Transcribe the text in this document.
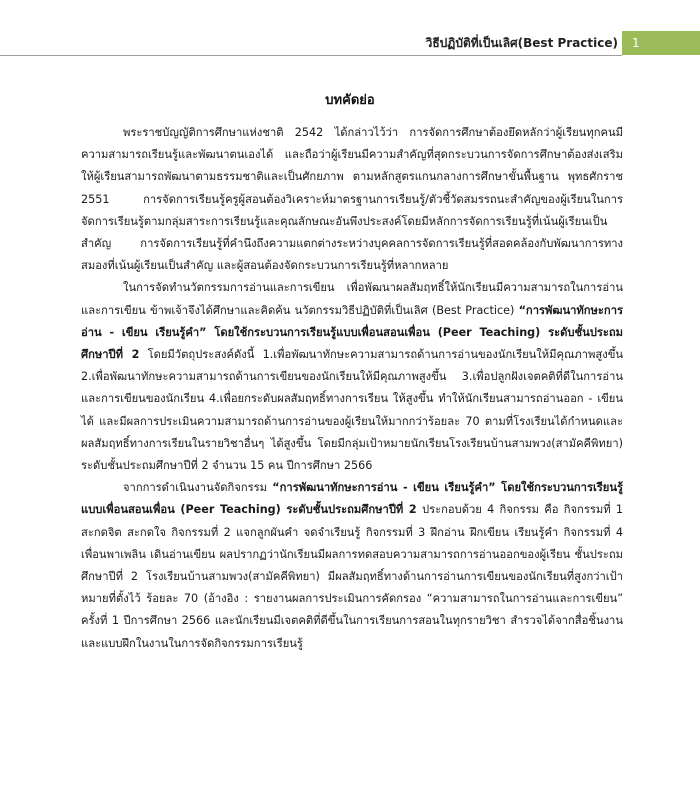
วิธีปฏิบัติที่เป็นเลิศ(Best Practice)	1
บทคัดย่อ

พระราชบัญญัติการศึกษาแห่งชาติ 2542 ได้กล่าวไว้ว่า การจัดการศึกษาต้องยึดหลักว่าผู้เรียนทุกคนมีความสามารถเรียนรู้และพัฒนาตนเองได้ และถือว่าผู้เรียนมีความสำคัญที่สุดกระบวนการจัดการศึกษาต้องส่งเสริมให้ผู้เรียนสามารถพัฒนาตามธรรมชาติและเป็นศักยภาพ ตามหลักสูตรแกนกลางการศึกษาขั้นพื้นฐาน พุทธศักราช 2551 การจัดการเรียนรู้ครูผู้สอนต้องวิเคราะห์มาตรฐานการเรียนรู้/ตัวชี้วัดสมรรถนะสำคัญของผู้เรียนในการจัดการเรียนรู้ตามกลุ่มสาระการเรียนรู้และคุณลักษณะอันพึงประสงค์โดยมีหลักการจัดการเรียนรู้ที่เน้นผู้เรียนเป็นสำคัญ การจัดการเรียนรู้ที่คำนึงถึงความแตกต่างระหว่างบุคคลการจัดการเรียนรู้ที่สอดคล้องกับพัฒนาการทางสมองที่เน้นผู้เรียนเป็นสำคัญ และผู้สอนต้องจัดกระบวนการเรียนรู้ที่หลากหลาย

ในการจัดทำนวัตกรรมการอ่านและการเขียน เพื่อพัฒนาผลสัมฤทธิ์ให้นักเรียนมีความสามารถในการอ่านและการเขียน ข้าพเจ้าจึงได้ศึกษาและคิดค้น นวัตกรรมวิธีปฏิบัติที่เป็นเลิศ (Best Practice) “การพัฒนาทักษะการอ่าน - เขียน เรียนรู้คำ” โดยใช้กระบวนการเรียนรู้แบบเพื่อนสอนเพื่อน (Peer Teaching) ระดับชั้นประถมศึกษาปีที่ 2 โดยมีวัตถุประสงค์ดังนี้ 1.เพื่อพัฒนาทักษะความสามารถด้านการอ่านของนักเรียนให้มีคุณภาพสูงขึ้น 2.เพื่อพัฒนาทักษะความสามารถด้านการเขียนของนักเรียนให้มีคุณภาพสูงขึ้น 3.เพื่อปลูกฝังเจตคติที่ดีในการอ่านและการเขียนของนักเรียน 4.เพื่อยกระดับผลสัมฤทธิ์ทางการเรียน ให้สูงขึ้น ทำให้นักเรียนสามารถอ่านออก - เขียนได้ และมีผลการประเมินความสามารถด้านการอ่านของผู้เรียนให้มากกว่าร้อยละ 70 ตามที่โรงเรียนได้กำหนดและผลสัมฤทธิ์ทางการเรียนในรายวิชาอื่นๆ ได้สูงขึ้น โดยมีกลุ่มเป้าหมายนักเรียนโรงเรียนบ้านสามพวง(สามัคคีพิทยา) ระดับชั้นประถมศึกษาปีที่ 2 จำนวน 15 คน ปีการศึกษา 2566

จากการดำเนินงานจัดกิจกรรม “การพัฒนาทักษะการอ่าน - เขียน เรียนรู้คำ” โดยใช้กระบวนการเรียนรู้แบบเพื่อนสอนเพื่อน (Peer Teaching) ระดับชั้นประถมศึกษาปีที่ 2 ประกอบด้วย 4 กิจกรรม คือ กิจกรรมที่ 1 สะกดจิต สะกดใจ กิจกรรมที่ 2 แจกลูกผันคำ จดจำเรียนรู้ กิจกรรมที่ 3 ฝึกอ่าน ฝึกเขียน เรียนรู้คำ กิจกรรมที่ 4 เพื่อนพาเพลิน เดินอ่านเขียน ผลปรากฏว่านักเรียนมีผลการทดสอบความสามารถการอ่านออกของผู้เรียน ชั้นประถมศึกษาปีที่ 2 โรงเรียนบ้านสามพวง(สามัคคีพิทยา) มีผลสัมฤทธิ์ทางด้านการอ่านการเขียนของนักเรียนที่สูงกว่าเป้าหมายที่ตั้งไว้ ร้อยละ 70 (อ้างอิง : รายงานผลการประเมินการคัดกรอง “ความสามารถในการอ่านและการเขียน” ครั้งที่ 1 ปีการศึกษา 2566 และนักเรียนมีเจตคติที่ดีขึ้นในการเรียนการสอนในทุกรายวิชา สำรวจได้จากสื่อชิ้นงานและแบบฝึกในงานในการจัดกิจกรรมการเรียนรู้
